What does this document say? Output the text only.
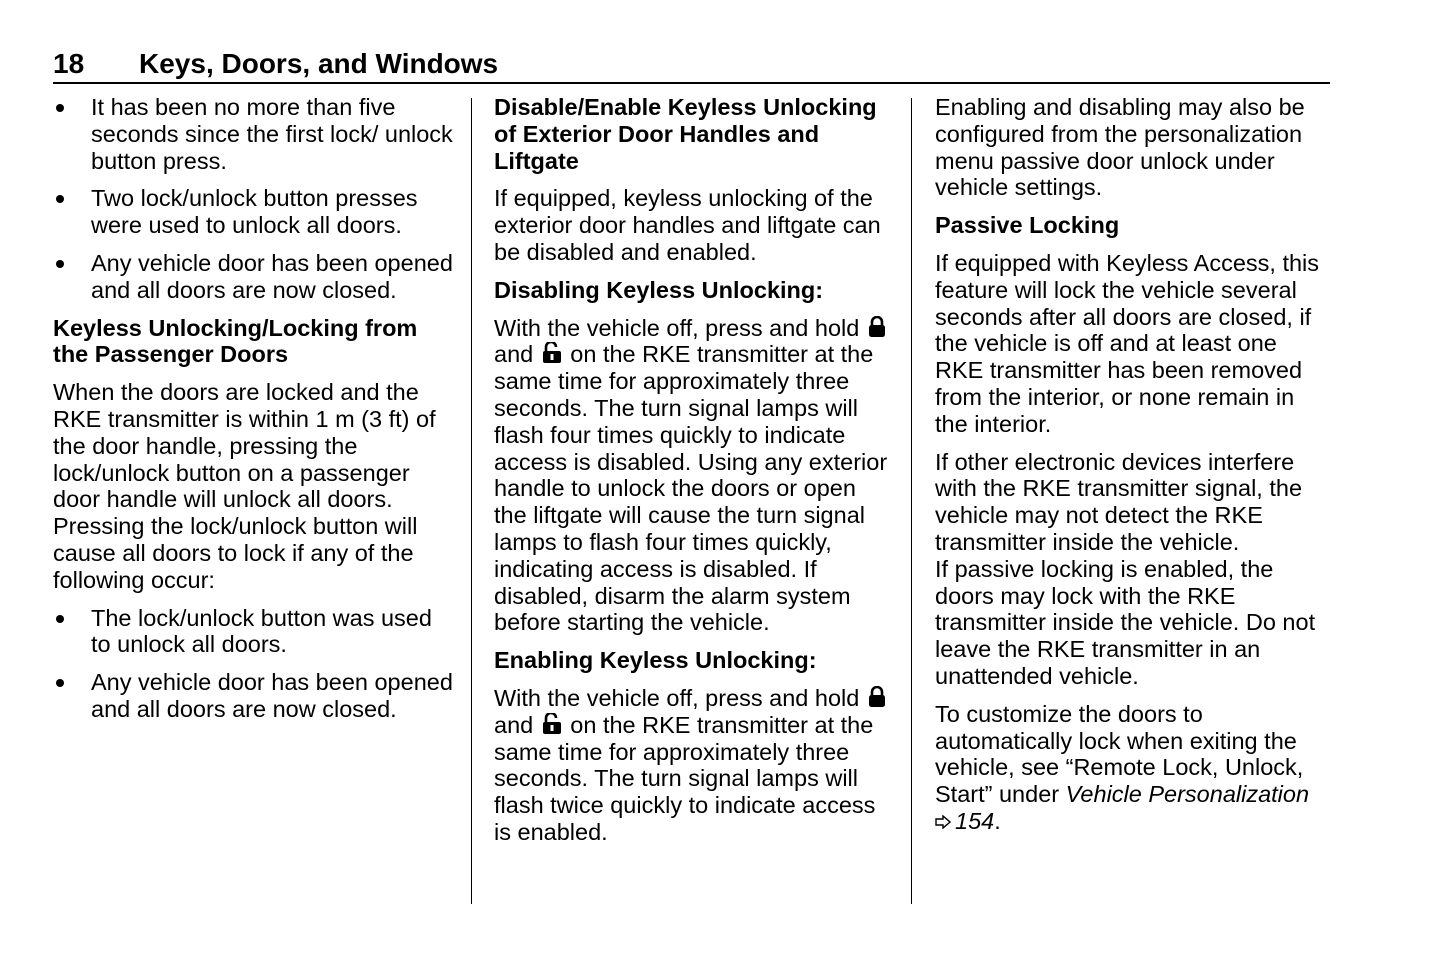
18 Keys, Doors, and Windows
It has been no more than five seconds since the first lock/ unlock button press.
Two lock/unlock button presses were used to unlock all doors.
Any vehicle door has been opened and all doors are now closed.
Keyless Unlocking/Locking from the Passenger Doors

When the doors are locked and the RKE transmitter is within 1 m (3 ft) of the door handle, pressing the lock/unlock button on a passenger door handle will unlock all doors. Pressing the lock/unlock button will cause all doors to lock if any of the following occur:

The lock/unlock button was used to unlock all doors.
Any vehicle door has been opened and all doors are now closed.
Disable/Enable Keyless Unlocking of Exterior Door Handles and Liftgate

If equipped, keyless unlocking of the exterior door handles and liftgate can be disabled and enabled.

Disabling Keyless Unlocking:

With the vehicle off, press and hold  and on the RKE transmitter at the same time for approximately three seconds. The turn signal lamps will flash four times quickly to indicate access is disabled. Using any exterior handle to unlock the doors or open the liftgate will cause the turn signal lamps to flash four times quickly, indicating access is disabled. If disabled, disarm the alarm system before starting the vehicle.

Enabling Keyless Unlocking:

With the vehicle off, press and hold  and on the RKE transmitter at the same time for approximately three seconds. The turn signal lamps will flash twice quickly to indicate access is enabled.

Enabling and disabling may also be configured from the personalization menu passive door unlock under vehicle settings.

Passive Locking

If equipped with Keyless Access, this feature will lock the vehicle several seconds after all doors are closed, if the vehicle is off and at least one RKE transmitter has been removed from the interior, or none remain in the interior.

If other electronic devices interfere with the RKE transmitter signal, the vehicle may not detect the RKE transmitter inside the vehicle.

If passive locking is enabled, the doors may lock with the RKE transmitter inside the vehicle. Do not leave the RKE transmitter in an unattended vehicle.

To customize the doors to automatically lock when exiting the vehicle, see “Remote Lock, Unlock, Start” under Vehicle Personalization
154.
